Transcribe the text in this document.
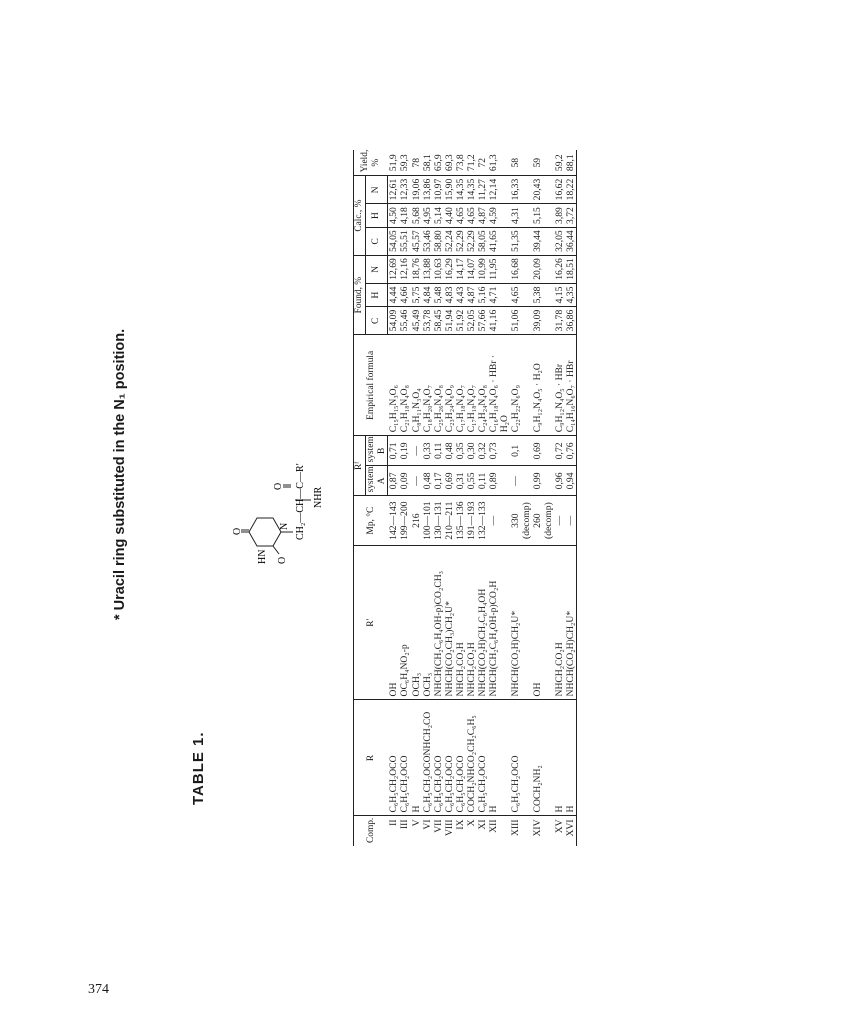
374
* Uracil ring substituted in the N₁ position.
TABLE 1.
O
HN O
N CH₂—CH—C—R′
O
NHR
Comp.	R	R′	Mp, °C	Rᶠ		Empirical formula	Found, %			Calc., %			Yield, %
				system A	system B		C	H	N	C	H	N	
II	C₆H₅CH₂OCO	OH	142—143	0,87	0,71	C₁₅H₁₅N₃O₆	54,09	4,44	12,69	54,05	4,50	12,61	51,9
III	C₆H₅CH₂OCO	OC₆H₄NO₂-p	199—200	0,09	0,19	C₂₁H₁₈N₄O₈	55,46	4,66	12,16	55,51	4,18	12,33	59,3
V	H	OCH₃	216	—	—	C₈H₁₁N₃O₄	45,49	5,75	18,76	45,57	5,68	19,06	78
VI	C₆H₅CH₂OCONHCH₂CO	OCH₃	100—101	0,48	0,33	C₁₈H₂₀N₄O₇	53,78	4,84	13,88	53,46	4,95	13,86	58,1
VII	C₆H₅CH₂OCO	NHCH(CH₂C₆H₄OH-p)CO₂CH₃	130—131	0,17	0,11	C₂₅H₂₆N₄O₈	58,45	5,48	10,63	58,80	5,14	10,97	65,9
VIII	C₆H₅CH₂OCO	NHCH(CO₂CH₃)CH₂U*	210—211	0,69	0,48	C₂₃H₂₄N₆O₉	51,94	4,83	16,29	52,24	4,40	15,90	69,3
IX	C₆H₅CH₂OCO	NHCH₂CO₂H	135—136	0,31	0,35	C₁₇H₁₈N₄O₇	51,92	4,43	14,17	52,29	4,65	14,35	73,8
X	COCH₂NHCO₂CH₂C₆H₅	NHCH₂CO₂H	191—193	0,55	0,30	C₁₇H₁₈N₄O₇	52,05	4,87	14,07	52,29	4,65	14,35	71,2
XI	C₆H₅CH₂OCO	NHCH(CO₂H)CH₂C₆H₄OH	132—133	0,11	0,32	C₂₄H₂₄N₄O₈	57,66	5,16	10,99	58,05	4,87	11,27	72
XII	H	NHCH(CH₂C₆H₄OH-p)CO₂H	—	0,89	0,73	C₁₆H₁₈N₄O₆ · HBr · H₂O	41,16	4,71	11,95	41,65	4,59	12,14	61,3
XIII	C₆H₅CH₂OCO	NHCH(CO₂H)CH₂U*	330 (decomp)	—	0,1	C₂₂H₂₂N₆O₉	51,06	4,65	16,68	51,35	4,31	16,33	58
XIV	COCH₂NH₂	OH	260 (decomp)	0,99	0,69	C₉H₁₂N₄O₅ · H₂O	39,09	5,38	20,09	39,44	5,15	20,43	59
XV	H	NHCH₂CO₂H	—	0,96	0,72	C₉H₁₂N₄O₅ · HBr	31,78	4,15	16,26	32,05	3,89	16,62	59,2
XVI	H	NHCH(CO₂H)CH₂U*	—	0,94	0,76	C₁₄H₁₆N₆O₇ · HBr	36,86	4,35	18,51	36,44	3,72	18,22	88,1
